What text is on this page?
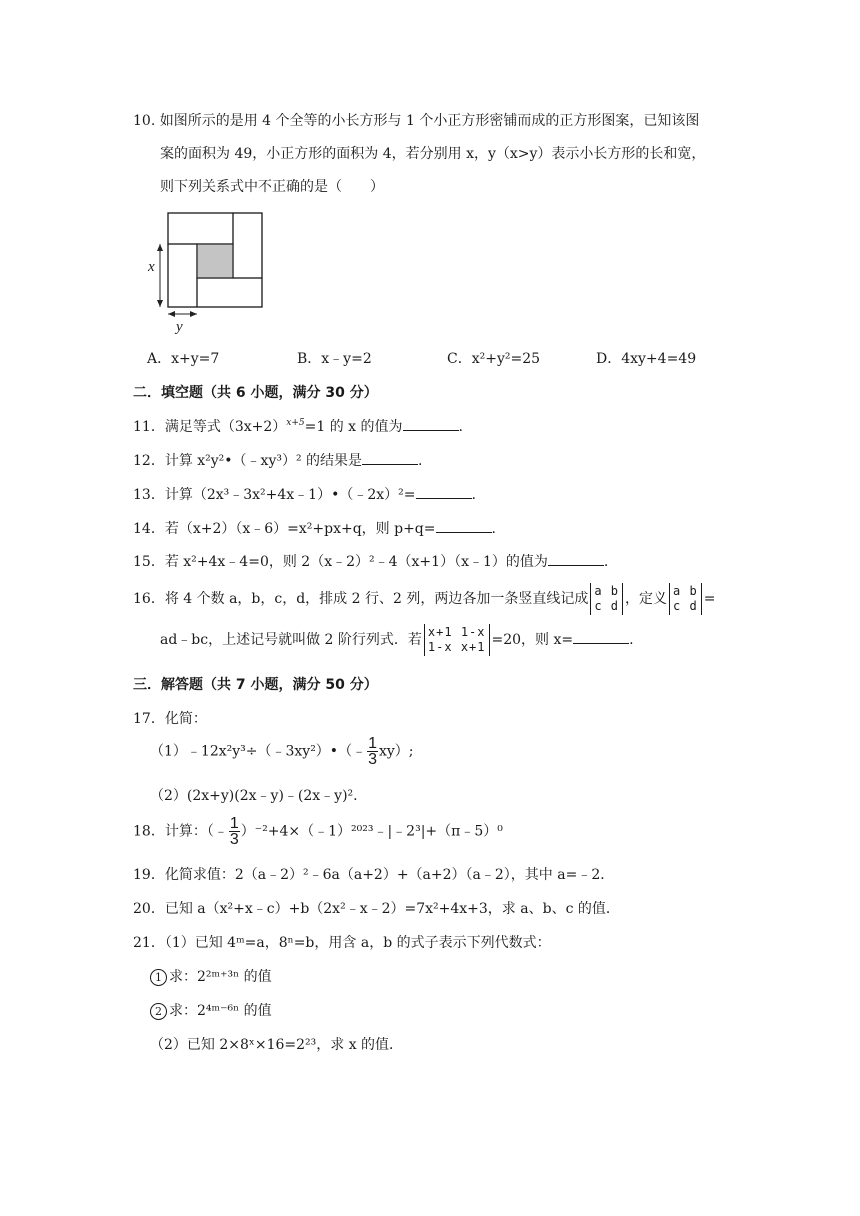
10. 如图所示的是用 4 个全等的小长方形与 1 个小正方形密铺而成的正方形图案，已知该图
案的面积为 49，小正方形的面积为 4，若分别用 x，y（x>y）表示小长方形的长和宽，
则下列关系式中不正确的是（　　）
x
y
A．x+y=7	B．x﹣y=2	C．x²+y²=25	D．4xy+4=49
二．填空题（共 6 小题，满分 30 分）
11．满足等式$(3x+2)^{x+5}=1$ 的 x 的值为	.
12．计算 x²y²•（﹣xy³）² 的结果是	.
13．计算（2x³﹣3x²+4x﹣1）•（﹣2x）²=	.
14．若（x+2）（x﹣6）=x²+px+q，则 p+q=	.
15．若 x²+4x﹣4=0，则 2（x﹣2）²﹣4（x+1）（x﹣1）的值为	.
16．将 4 个数 a，b，c，d，排成 2 行、2 列，两边各加一条竖直线记成 a b
c d ，定义 a b
c d =
ad﹣bc，上述记号就叫做 2 阶行列式．若 x+1 1-x
1-x x+1 =20，则 x=	.
三．解答题（共 7 小题，满分 50 分）
17．化简：
（1）﹣12x²y³÷（﹣3xy²）•（﹣ $\frac{1}{3} xy$）;
（2）(2x+y)(2x﹣y)﹣(2x﹣y)².
18．计算：（﹣ $\frac{1}{3}$ ）⁻²+4×（﹣1）²⁰²³﹣|﹣2³|+（π﹣5）⁰
19．化简求值：2（a﹣2）²﹣6a（a+2）+（a+2）（a﹣2），其中 a=﹣2．
20．已知 a（x²+x﹣c）+b（2x²﹣x﹣2）=7x²+4x+3，求 a、b、c 的值．
21．（1）已知 4ᵐ=a，8ⁿ=b，用含 a，b 的式子表示下列代数式：
1 求：2²ᵐ⁺³ⁿ 的值
2 求：2⁴ᵐ⁻⁶ⁿ 的值
（2）已知 2×8ˣ×16=2²³，求 x 的值．
